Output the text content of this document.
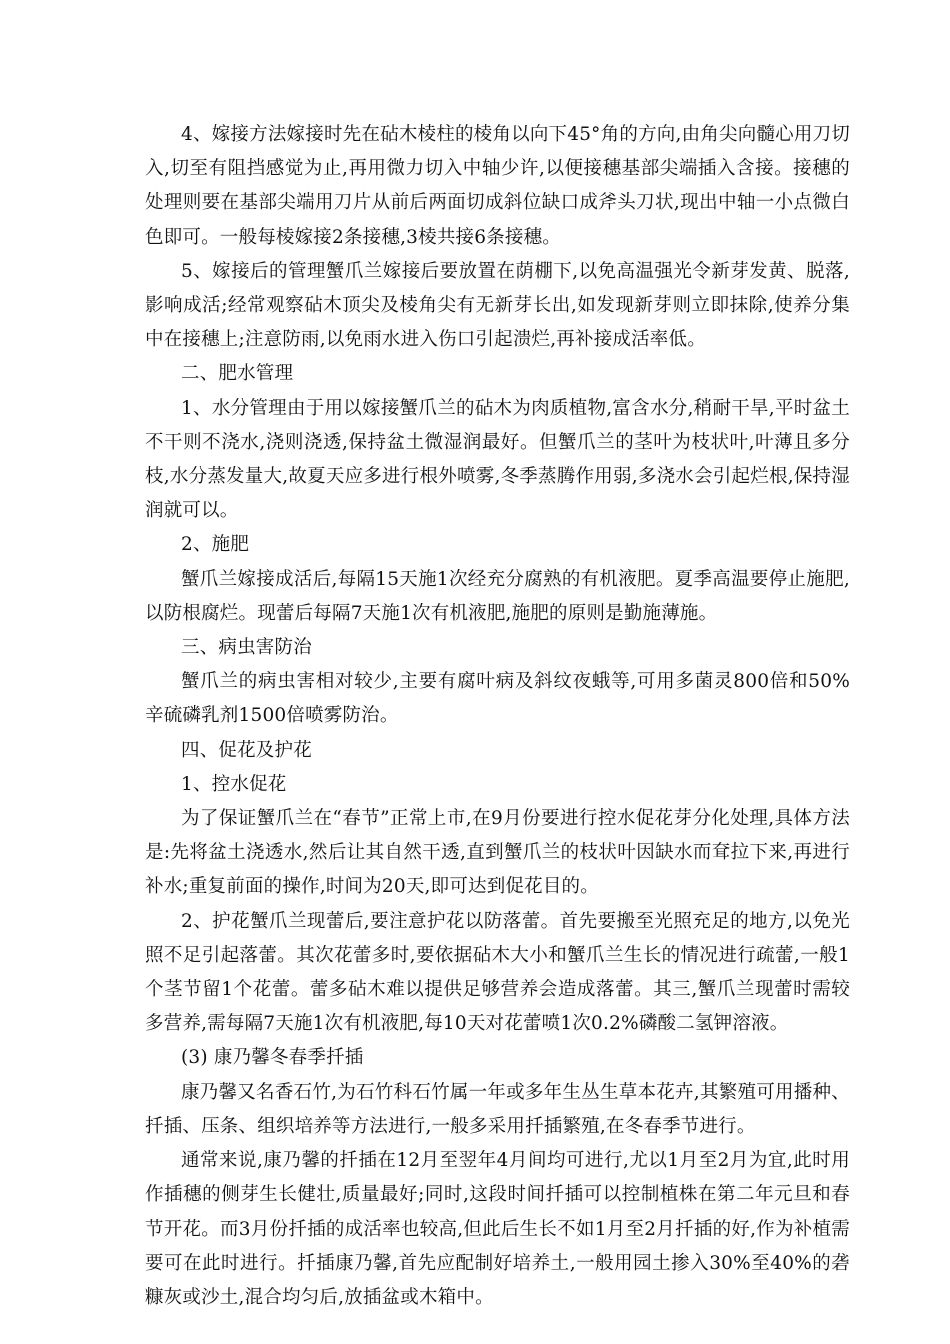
4、嫁接方法嫁接时先在砧木棱柱的棱角以向下45°角的方向,由角尖向髓心用刀切入,切至有阻挡感觉为止,再用微力切入中轴少许,以便接穗基部尖端插入含接。接穗的处理则要在基部尖端用刀片从前后两面切成斜位缺口成斧头刀状,现出中轴一小点微白色即可。一般每棱嫁接2条接穗,3棱共接6条接穗。

5、嫁接后的管理蟹爪兰嫁接后要放置在荫棚下,以免高温强光令新芽发黄、脱落,影响成活;经常观察砧木顶尖及棱角尖有无新芽长出,如发现新芽则立即抹除,使养分集中在接穗上;注意防雨,以免雨水进入伤口引起溃烂,再补接成活率低。

二、肥水管理

1、水分管理由于用以嫁接蟹爪兰的砧木为肉质植物,富含水分,稍耐干旱,平时盆土不干则不浇水,浇则浇透,保持盆土微湿润最好。但蟹爪兰的茎叶为枝状叶,叶薄且多分枝,水分蒸发量大,故夏天应多进行根外喷雾,冬季蒸腾作用弱,多浇水会引起烂根,保持湿润就可以。

2、施肥

蟹爪兰嫁接成活后,每隔15天施1次经充分腐熟的有机液肥。夏季高温要停止施肥,以防根腐烂。现蕾后每隔7天施1次有机液肥,施肥的原则是勤施薄施。

三、病虫害防治

蟹爪兰的病虫害相对较少,主要有腐叶病及斜纹夜蛾等,可用多菌灵800倍和50%辛硫磷乳剂1500倍喷雾防治。

四、促花及护花

1、控水促花

为了保证蟹爪兰在“春节”正常上市,在9月份要进行控水促花芽分化处理,具体方法是:先将盆土浇透水,然后让其自然干透,直到蟹爪兰的枝状叶因缺水而耷拉下来,再进行补水;重复前面的操作,时间为20天,即可达到促花目的。

2、护花蟹爪兰现蕾后,要注意护花以防落蕾。首先要搬至光照充足的地方,以免光照不足引起落蕾。其次花蕾多时,要依据砧木大小和蟹爪兰生长的情况进行疏蕾,一般1个茎节留1个花蕾。蕾多砧木难以提供足够营养会造成落蕾。其三,蟹爪兰现蕾时需较多营养,需每隔7天施1次有机液肥,每10天对花蕾喷1次0.2%磷酸二氢钾溶液。

(3) 康乃馨冬春季扦插

康乃馨又名香石竹,为石竹科石竹属一年或多年生丛生草本花卉,其繁殖可用播种、扦插、压条、组织培养等方法进行,一般多采用扦插繁殖,在冬春季节进行。

通常来说,康乃馨的扦插在12月至翌年4月间均可进行,尤以1月至2月为宜,此时用作插穗的侧芽生长健壮,质量最好;同时,这段时间扦插可以控制植株在第二年元旦和春节开花。而3月份扦插的成活率也较高,但此后生长不如1月至2月扦插的好,作为补植需要可在此时进行。扦插康乃馨,首先应配制好培养土,一般用园土掺入30%至40%的砻糠灰或沙土,混合均匀后,放插盆或木箱中。
